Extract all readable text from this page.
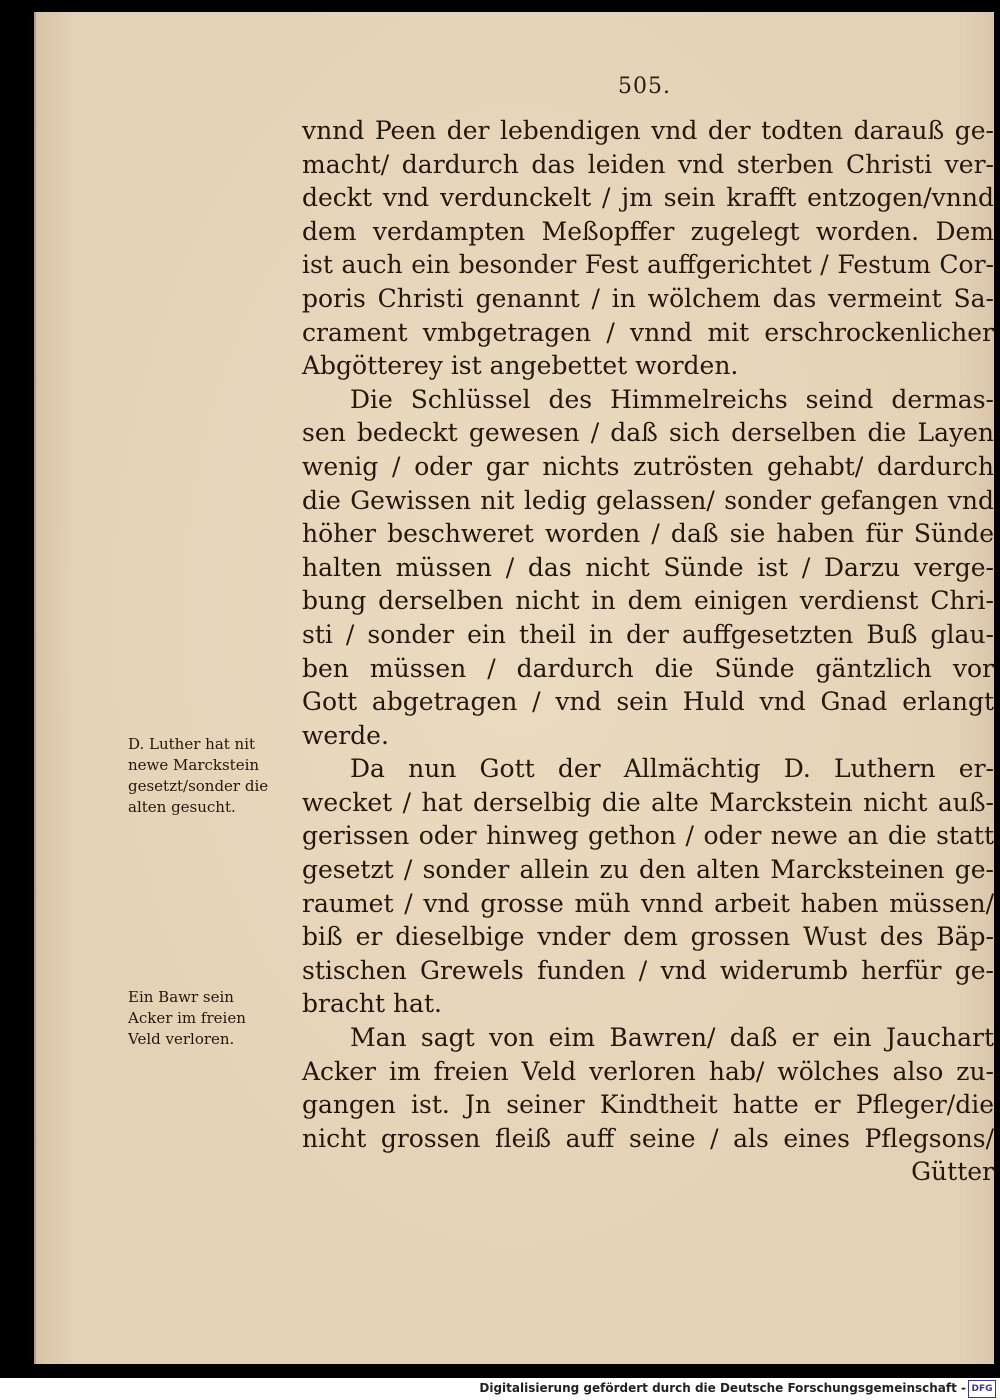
505.
vnnd Peen der lebendigen vnd der todten darauß ge-
macht/ dardurch das leiden vnd sterben Christi ver-
deckt vnd verdunckelt / jm sein krafft entzogen/vnnd
dem verdampten Meßopffer zugelegt worden. Dem
ist auch ein besonder Fest auffgerichtet / Festum Cor-
poris Christi genannt / in wölchem das vermeint Sa-
crament vmbgetragen / vnnd mit erschrockenlicher
Abgötterey ist angebettet worden.
Die Schlüssel des Himmelreichs seind dermas-
sen bedeckt gewesen / daß sich derselben die Layen
wenig / oder gar nichts zutrösten gehabt/ dardurch
die Gewissen nit ledig gelassen/ sonder gefangen vnd
höher beschweret worden / daß sie haben für Sünde
halten müssen / das nicht Sünde ist / Darzu verge-
bung derselben nicht in dem einigen verdienst Chri-
sti / sonder ein theil in der auffgesetzten Buß glau-
ben müssen / dardurch die Sünde gäntzlich vor
Gott abgetragen / vnd sein Huld vnd Gnad erlangt
werde.
Da nun Gott der Allmächtig D. Luthern er-
wecket / hat derselbig die alte Marckstein nicht auß-
gerissen oder hinweg gethon / oder newe an die statt
gesetzt / sonder allein zu den alten Marcksteinen ge-
raumet / vnd grosse müh vnnd arbeit haben müssen/
biß er dieselbige vnder dem grossen Wust des Bäp-
stischen Grewels funden / vnd widerumb herfür ge-
bracht hat.
Man sagt von eim Bawren/ daß er ein Jauchart
Acker im freien Veld verloren hab/ wölches also zu-
gangen ist. Jn seiner Kindtheit hatte er Pfleger/die
nicht grossen fleiß auff seine / als eines Pflegsons/
Gütter
D. Luther hat nit
newe Marckstein
gesetzt/sonder die
alten gesucht.
Ein Bawr sein
Acker im freien
Veld verloren.
Digitalisierung gefördert durch die Deutsche Forschungsgemeinschaft - DFG
